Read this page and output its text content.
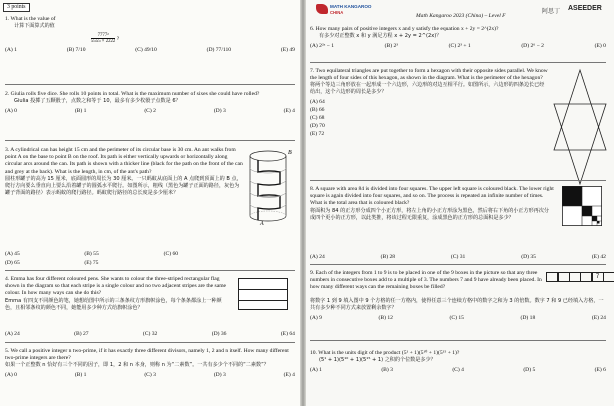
3 points

1. What is the value of

计算下面算式的值

$\frac{\text{7777²}}{5555 \times 2222}$ ?
(A) 1	(B) 7/10	(C) 49/10	(D) 77/110	(E) 49

2. Giulia rolls five dice. She rolls 10 points in total. What is the maximum number of sixes she could have rolled?

Giulia 投掷了五颗骰子，点数之和等于 10，最多有多少枚骰子点数是 6？

(A) 0	(B) 1	(C) 2	(D) 3	(E) 4

3. A cylindrical can has height 15 cm and the perimeter of its circular base is 30 cm. An ant walks from point A on the base to point B on the roof. Its path is either vertically upwards or horizontally along circular arcs around the can. Its path is shown with a thicker line (black for the path on the front of the can and grey at the back). What is the length, in cm, of the ant's path?

圆柱形罐子的高为 15 厘米，底面圆形的周长为 30 厘米。一只蚂蚁从底面上的 A 点爬到顶面上的 B 点，爬行方向要么垂直向上要么沿着罐子的圆弧水平爬行。如图所示，粗线（黑色为罐子正面的路径，灰色为罐子背面的路径）表示蚂蚁的爬行路径。蚂蚁爬行路径的总长度是多少厘米？

B
A
(A) 45	(B) 55	(C) 60
(D) 65	(E) 75

4. Emma has four different coloured pens. She wants to colour the three-striped rectangular flag shown in the diagram so that each stripe is a single colour and no two adjacent stripes are the same colour. In how many ways can she do this?

Emma 有四支不同颜色的笔，她想给图中所示的三条条纹方形旗帜涂色，每个条条都涂上一种颜色，且相邻条纹的颜色不同，她能用多少种方式给旗帜涂色？

(A) 24	(B) 27	(C) 32	(D) 36	(E) 64

5. We call a positive integer n two-prime, if it has exactly three different divisors, namely 1, 2 and n itself. How many different two-prime integers are there?

如果一个正整数 n 恰好有三个不同的因子，即 1，2 和 n 本身，则称 n 为“二素数”。一共有多少个不同的“二素数”？

(A) 0	(B) 1	(C) 3	(D) 3	(E) 4
MATH KANGAROO
CHINA	阿思丁 ASEEDER
Math Kangaroo 2023 (China) – Level F

6. How many pairs of positive integers x and y satisfy the equation x + 2y = 2^(2x)?

有多少对正整数 x 和 y 满足方程 x + 2y = 2^(2x)？

(A) 2²ˣ − 1	(B) 2³	(C) 2³ + 1	(D) 2⁶ − 2	(E) 0

7. Two equilateral triangles are put together to form a hexagon with their opposite sides parallel. We know the length of four sides of this hexagon, as shown in the diagram. What is the perimeter of the hexagon?

将两个等边三角形放在一起形成一个六边形，六边形的对边互相平行。如图所示，六边形的四条边长已经给出，这个六边形的周长是多少？

(A) 64
(B) 66
(C) 68
(D) 70
(E) 72

8. A square with area 84 is divided into four squares. The upper left square is coloured black. The lower right square is again divided into four squares, and so on. The process is repeated an infinite number of times. What is the total area that is coloured black?

将面积为 84 的正方形分成四个小正方形，将左上角的小正方形涂为黑色，然后将右下角的小正方形再次分成四个更小的正方形，以此类推，将该过程无限重复，涂成黑色的正方形的总面积是多少？

(A) 24	(B) 28	(C) 31	(D) 35	(E) 42

9. Each of the integers from 1 to 9 is to be placed in one of the 9 boxes in the picture so that any three numbers in consecutive boxes add to a multiple of 3. The numbers 7 and 9 have already been placed. In how many different ways can the remaining boxes be filled?

7

将数字 1 到 9 填入图中 9 个方格的任一方格内，使得任意三个连续方格中的数字之和为 3 的倍数。数字 7 和 9 已经填入方格，一共有多少种不同方式来放置剩余数字？

(A) 9	(B) 12	(C) 15	(D) 18	(E) 24

10. What is the units digit of the product (5¹ + 1)(5¹⁰ + 1)(5¹⁵ + 1)?

(5¹ + 1)(5¹⁰ + 1)(5¹⁵ + 1) 之积的个位数是多少？

(A) 1	(B) 3	(C) 4	(D) 5	(E) 6
